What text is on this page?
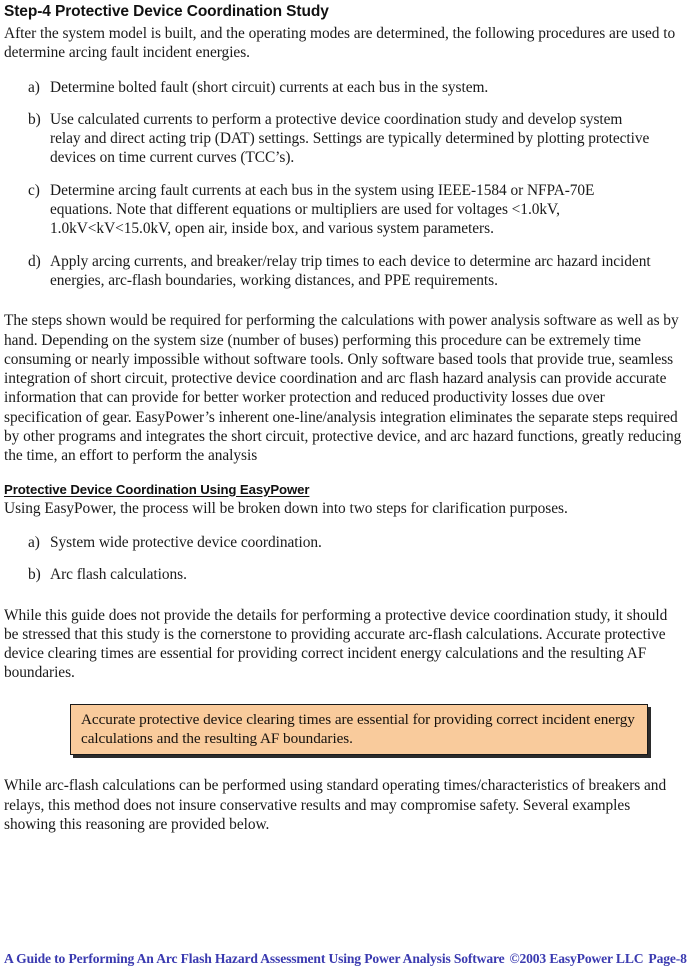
Step-4 Protective Device Coordination Study

After the system model is built, and the operating modes are determined, the following procedures are used to determine arcing fault incident energies.

a) Determine bolted fault (short circuit) currents at each bus in the system.
b) Use calculated currents to perform a protective device coordination study and develop system relay and direct acting trip (DAT) settings. Settings are typically determined by plotting protective devices on time current curves (TCC’s).
c) Determine arcing fault currents at each bus in the system using IEEE-1584 or NFPA-70E equations. Note that different equations or multipliers are used for voltages <1.0kV, 1.0kV<kV<15.0kV, open air, inside box, and various system parameters.
d) Apply arcing currents, and breaker/relay trip times to each device to determine arc hazard incident energies, arc-flash boundaries, working distances, and PPE requirements.

The steps shown would be required for performing the calculations with power analysis software as well as by hand. Depending on the system size (number of buses) performing this procedure can be extremely time consuming or nearly impossible without software tools. Only software based tools that provide true, seamless integration of short circuit, protective device coordination and arc flash hazard analysis can provide accurate information that can provide for better worker protection and reduced productivity losses due over specification of gear. EasyPower’s inherent one-line/analysis integration eliminates the separate steps required by other programs and integrates the short circuit, protective device, and arc hazard functions, greatly reducing the time, an effort to perform the analysis

Protective Device Coordination Using EasyPower

Using EasyPower, the process will be broken down into two steps for clarification purposes.

a) System wide protective device coordination.
b) Arc flash calculations.

While this guide does not provide the details for performing a protective device coordination study, it should be stressed that this study is the cornerstone to providing accurate arc-flash calculations. Accurate protective device clearing times are essential for providing correct incident energy calculations and the resulting AF boundaries.

Accurate protective device clearing times are essential for providing correct incident energy calculations and the resulting AF boundaries.

While arc-flash calculations can be performed using standard operating times/characteristics of breakers and relays, this method does not insure conservative results and may compromise safety. Several examples showing this reasoning are provided below.

A Guide to Performing An Arc Flash Hazard Assessment Using Power Analysis Software ©2003 EasyPower LLC Page-8
